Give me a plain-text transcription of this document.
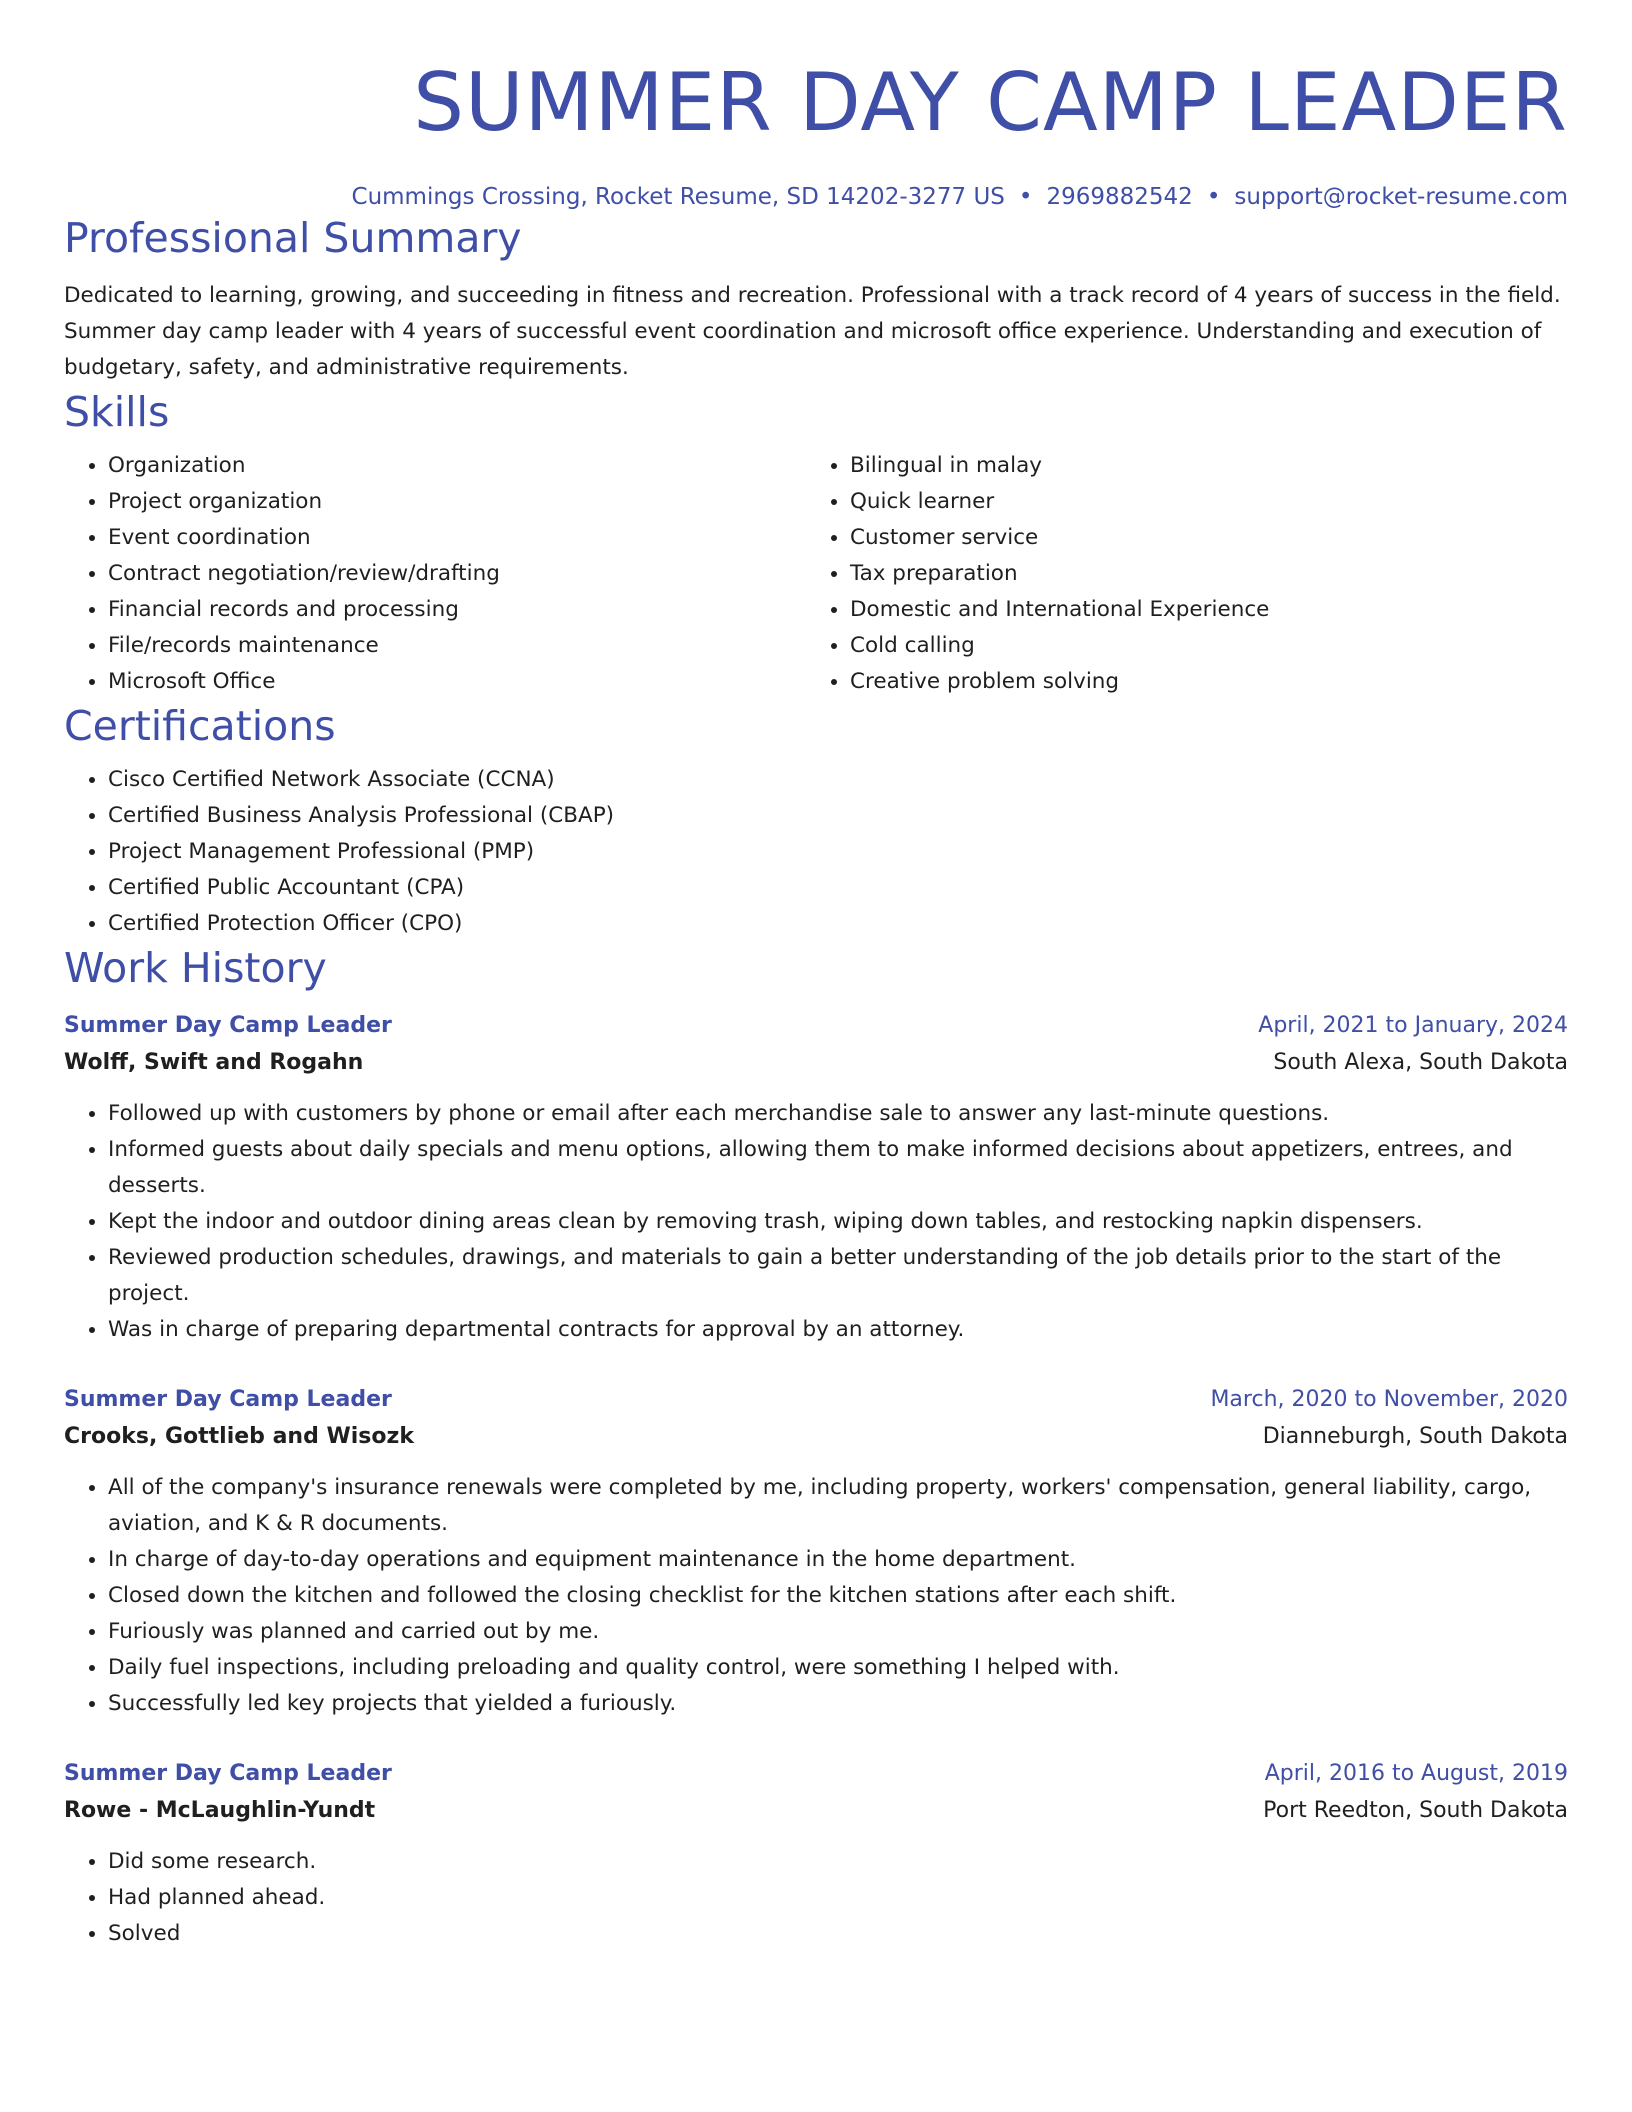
SUMMER DAY CAMP LEADER
Cummings Crossing, Rocket Resume, SD 14202-3277 US • 2969882542 • support@rocket-resume.com
Professional Summary
Dedicated to learning, growing, and succeeding in fitness and recreation. Professional with a track record of 4 years of success in the field. Summer day camp leader with 4 years of successful event coordination and microsoft office experience. Understanding and execution of budgetary, safety, and administrative requirements.
Skills
• Organization
• Project organization
• Event coordination
• Contract negotiation/review/drafting
• Financial records and processing
• File/records maintenance
• Microsoft Office
• Bilingual in malay
• Quick learner
• Customer service
• Tax preparation
• Domestic and International Experience
• Cold calling
• Creative problem solving
Certifications
• Cisco Certified Network Associate (CCNA)
• Certified Business Analysis Professional (CBAP)
• Project Management Professional (PMP)
• Certified Public Accountant (CPA)
• Certified Protection Officer (CPO)
Work History
Summer Day Camp Leader	April, 2021 to January, 2024
Wolff, Swift and Rogahn	South Alexa, South Dakota
• Followed up with customers by phone or email after each merchandise sale to answer any last-minute questions.
• Informed guests about daily specials and menu options, allowing them to make informed decisions about appetizers, entrees, and desserts.
• Kept the indoor and outdoor dining areas clean by removing trash, wiping down tables, and restocking napkin dispensers.
• Reviewed production schedules, drawings, and materials to gain a better understanding of the job details prior to the start of the project.
• Was in charge of preparing departmental contracts for approval by an attorney.
Summer Day Camp Leader	March, 2020 to November, 2020
Crooks, Gottlieb and Wisozk	Dianneburgh, South Dakota
• All of the company's insurance renewals were completed by me, including property, workers' compensation, general liability, cargo, aviation, and K & R documents.
• In charge of day-to-day operations and equipment maintenance in the home department.
• Closed down the kitchen and followed the closing checklist for the kitchen stations after each shift.
• Furiously was planned and carried out by me.
• Daily fuel inspections, including preloading and quality control, were something I helped with.
• Successfully led key projects that yielded a furiously.
Summer Day Camp Leader	April, 2016 to August, 2019
Rowe - McLaughlin-Yundt	Port Reedton, South Dakota
• Did some research.
• Had planned ahead.
• Solved
